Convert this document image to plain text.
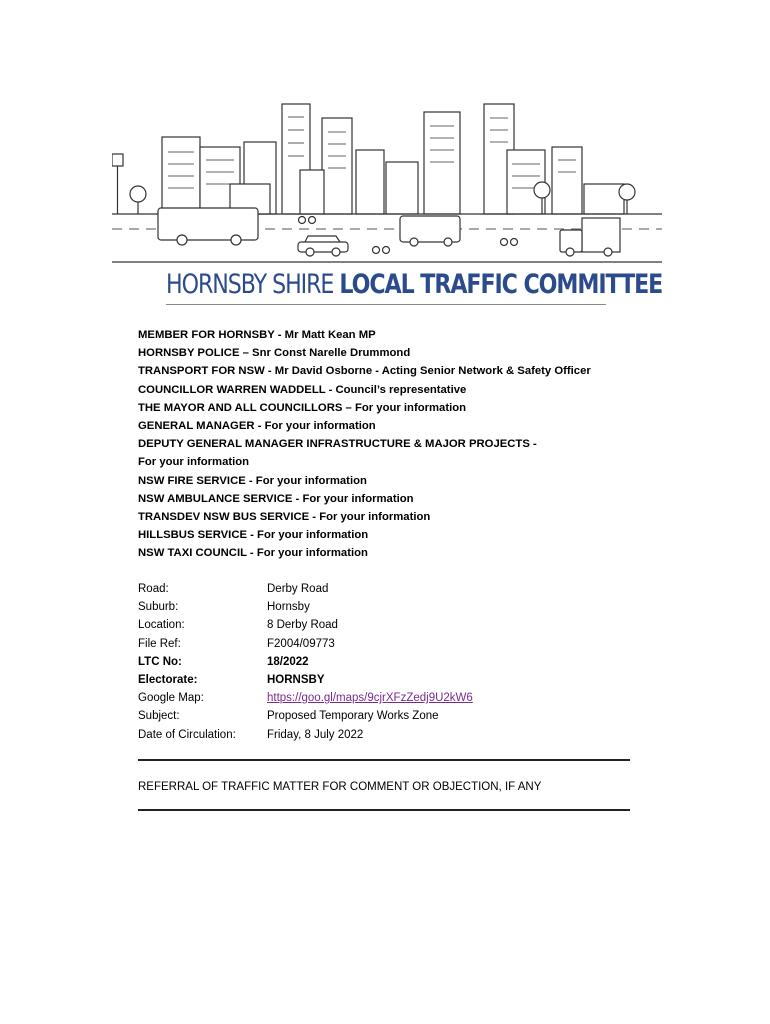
HORNSBY SHIRE LOCAL TRAFFIC COMMITTEE
MEMBER FOR HORNSBY - Mr Matt Kean MP
HORNSBY POLICE – Snr Const Narelle Drummond
TRANSPORT FOR NSW - Mr David Osborne - Acting Senior Network & Safety Officer
COUNCILLOR WARREN WADDELL - Council’s representative
THE MAYOR AND ALL COUNCILLORS – For your information
GENERAL MANAGER - For your information
DEPUTY GENERAL MANAGER INFRASTRUCTURE & MAJOR PROJECTS -
For your information
NSW FIRE SERVICE - For your information
NSW AMBULANCE SERVICE - For your information
TRANSDEV NSW BUS SERVICE - For your information
HILLSBUS SERVICE - For your information
NSW TAXI COUNCIL - For your information
Road:	Derby Road
Suburb:	Hornsby
Location:	8 Derby Road
File Ref:	F2004/09773
LTC No:	18/2022
Electorate:	HORNSBY
Google Map:	https://goo.gl/maps/9cjrXFzZedj9U2kW6
Subject:	Proposed Temporary Works Zone
Date of Circulation:	Friday, 8 July 2022
REFERRAL OF TRAFFIC MATTER FOR COMMENT OR OBJECTION, IF ANY
